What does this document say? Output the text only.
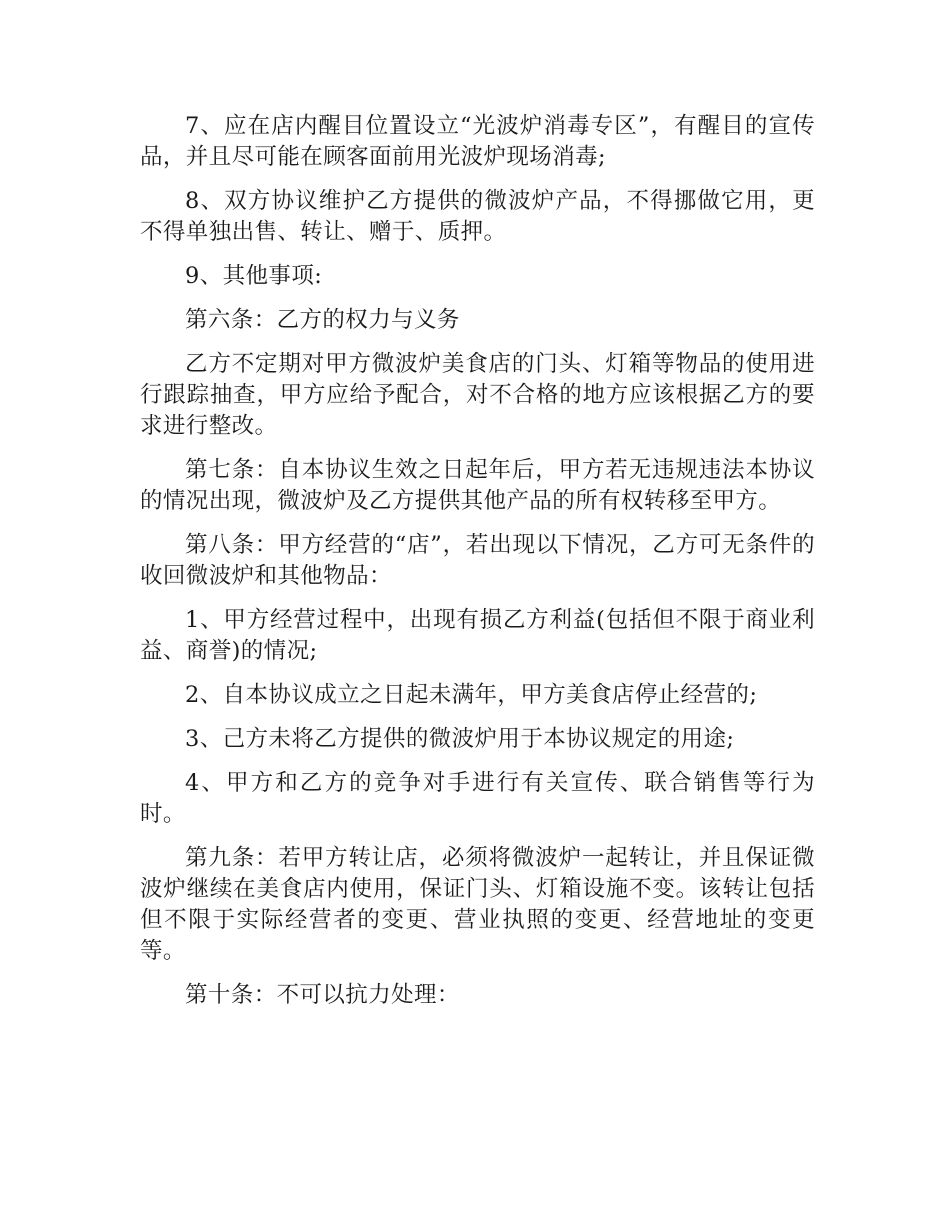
7、应在店内醒目位置设立“光波炉消毒专区”，有醒目的宣传品，并且尽可能在顾客面前用光波炉现场消毒;

8、双方协议维护乙方提供的微波炉产品，不得挪做它用，更不得单独出售、转让、赠于、质押。

9、其他事项:

第六条：乙方的权力与义务

乙方不定期对甲方微波炉美食店的门头、灯箱等物品的使用进行跟踪抽查，甲方应给予配合，对不合格的地方应该根据乙方的要求进行整改。

第七条：自本协议生效之日起年后，甲方若无违规违法本协议的情况出现，微波炉及乙方提供其他产品的所有权转移至甲方。

第八条：甲方经营的“店”，若出现以下情况，乙方可无条件的收回微波炉和其他物品：

1、甲方经营过程中，出现有损乙方利益(包括但不限于商业利益、商誉)的情况;

2、自本协议成立之日起未满年，甲方美食店停止经营的;

3、己方未将乙方提供的微波炉用于本协议规定的用途;

4、甲方和乙方的竞争对手进行有关宣传、联合销售等行为时。

第九条：若甲方转让店，必须将微波炉一起转让，并且保证微波炉继续在美食店内使用，保证门头、灯箱设施不变。该转让包括但不限于实际经营者的变更、营业执照的变更、经营地址的变更等。

第十条：不可以抗力处理：
